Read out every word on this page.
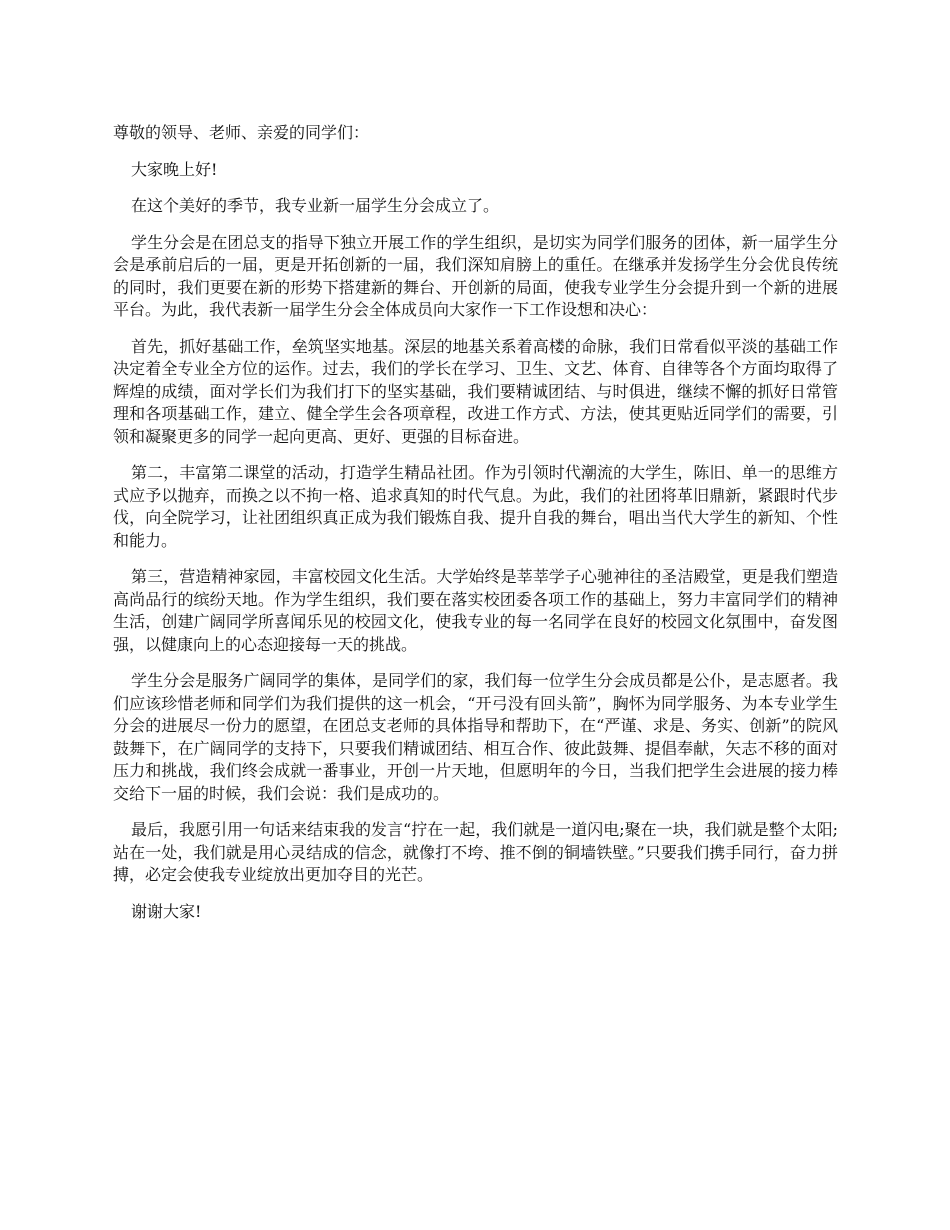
尊敬的领导、老师、亲爱的同学们：

大家晚上好!

在这个美好的季节，我专业新一届学生分会成立了。

学生分会是在团总支的指导下独立开展工作的学生组织，是切实为同学们服务的团体，新一届学生分会是承前启后的一届，更是开拓创新的一届，我们深知肩膀上的重任。在继承并发扬学生分会优良传统的同时，我们更要在新的形势下搭建新的舞台、开创新的局面，使我专业学生分会提升到一个新的进展平台。为此，我代表新一届学生分会全体成员向大家作一下工作设想和决心：

首先，抓好基础工作，垒筑坚实地基。深层的地基关系着高楼的命脉，我们日常看似平淡的基础工作决定着全专业全方位的运作。过去，我们的学长在学习、卫生、文艺、体育、自律等各个方面均取得了辉煌的成绩，面对学长们为我们打下的坚实基础，我们要精诚团结、与时俱进，继续不懈的抓好日常管理和各项基础工作，建立、健全学生会各项章程，改进工作方式、方法，使其更贴近同学们的需要，引领和凝聚更多的同学一起向更高、更好、更强的目标奋进。

第二，丰富第二课堂的活动，打造学生精品社团。作为引领时代潮流的大学生，陈旧、单一的思维方式应予以抛弃，而换之以不拘一格、追求真知的时代气息。为此，我们的社团将革旧鼎新，紧跟时代步伐，向全院学习，让社团组织真正成为我们锻炼自我、提升自我的舞台，唱出当代大学生的新知、个性和能力。

第三，营造精神家园，丰富校园文化生活。大学始终是莘莘学子心驰神往的圣洁殿堂，更是我们塑造高尚品行的缤纷天地。作为学生组织，我们要在落实校团委各项工作的基础上，努力丰富同学们的精神生活，创建广阔同学所喜闻乐见的校园文化，使我专业的每一名同学在良好的校园文化氛围中，奋发图强，以健康向上的心态迎接每一天的挑战。

学生分会是服务广阔同学的集体，是同学们的家，我们每一位学生分会成员都是公仆，是志愿者。我们应该珍惜老师和同学们为我们提供的这一机会，“开弓没有回头箭”，胸怀为同学服务、为本专业学生分会的进展尽一份力的愿望，在团总支老师的具体指导和帮助下，在“严谨、求是、务实、创新”的院风鼓舞下，在广阔同学的支持下，只要我们精诚团结、相互合作、彼此鼓舞、提倡奉献，矢志不移的面对压力和挑战，我们终会成就一番事业，开创一片天地，但愿明年的今日，当我们把学生会进展的接力棒交给下一届的时候，我们会说：我们是成功的。

最后，我愿引用一句话来结束我的发言“拧在一起，我们就是一道闪电;聚在一块，我们就是整个太阳;站在一处，我们就是用心灵结成的信念，就像打不垮、推不倒的铜墙铁壁。”只要我们携手同行，奋力拼搏，必定会使我专业绽放出更加夺目的光芒。

谢谢大家!
